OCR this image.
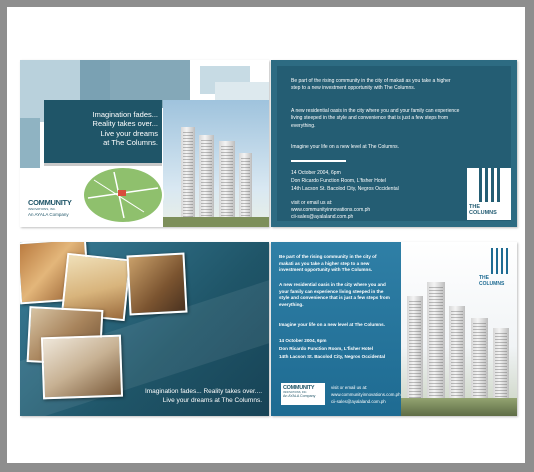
Imagination fades...
Reality takes over...
Live your dreams
at The Columns.
COMMUNITY
INNOVATIONS, INC.
An AYALA Company
Be part of the rising community in the city of makati as you take a higher step to a new investment opportunity with The Columns.
A new residential oasis in the city where you and your family can experience living steeped in the style and convenience that is just a few steps from everything.
Imagine your life on a new level at The Columns.
14 October 2004, 6pm
Don Ricardo Function Room, L'fisher Hotel
14th Lacson St. Bacolod City, Negros Occidental
visit or email us at:
www.communityinnovations.com.ph
cii-sales@ayalaland.com.ph
THE COLUMNS
Imagination fades... Reality takes over....
Live your dreams at The Columns.
Be part of the rising community in the city of makati as you take a higher step to a new investment opportunity with The Columns.
A new residential oasis in the city where you and your family can experience living steeped in the style and convenience that is just a few steps from everything.
Imagine your life on a new level at The Columns.
14 October 2004, 6pm
Don Ricardo Function Room, L'fisher Hotel
14th Lacson St. Bacolod City, Negros Occidental
COMMUNITY
INNOVATIONS, INC.
An AYALA Company
visit or email us at:
www.communityinnovations.com.ph
cii-sales@ayalaland.com.ph
THE COLUMNS
